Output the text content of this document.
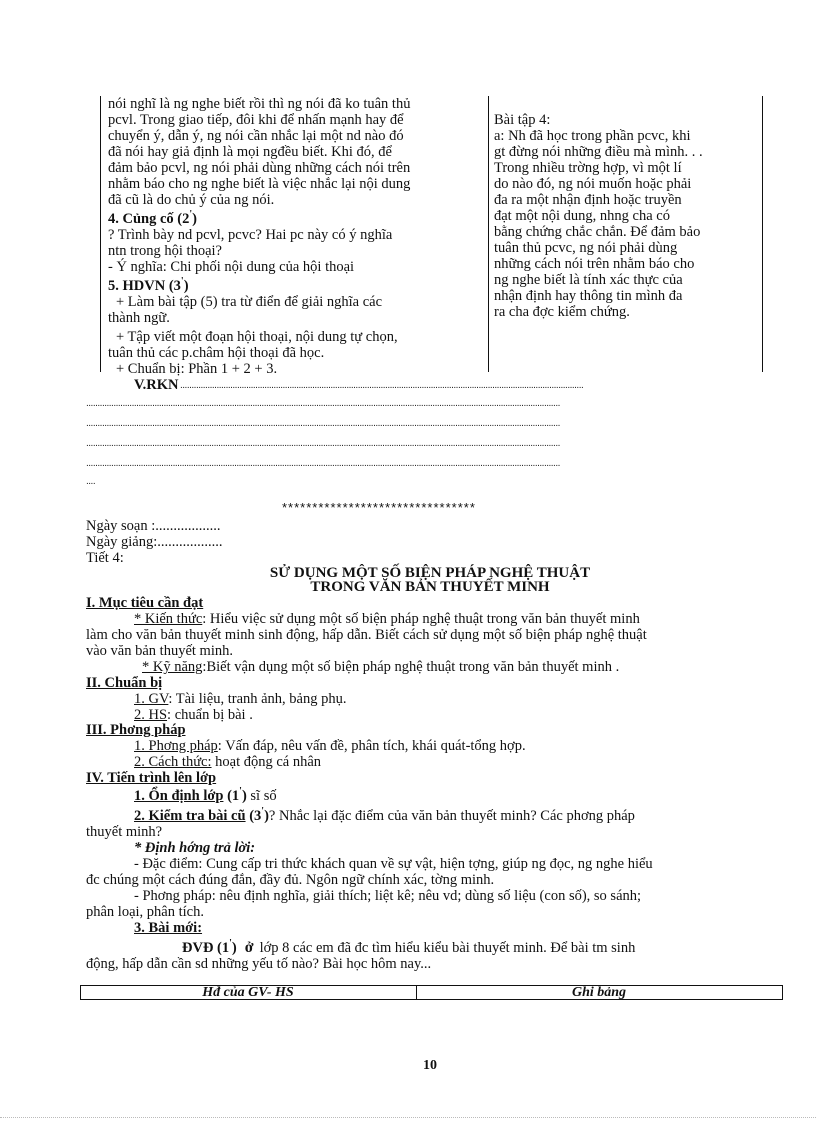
nói nghĩ là ng nghe biết rồi thì ng nói đã ko tuân thủ
pcvl. Trong giao tiếp, đôi khi để nhấn mạnh hay để
chuyển ý, dẫn ý, ng nói cần nhắc lại một nd nào đó
đã nói hay giả định là mọi ngđều biết. Khi đó, để
đảm bảo pcvl, ng nói phải dùng những cách nói trên
nhằm báo cho ng nghe biết là việc nhắc lại nội dung
đã cũ là do chủ ý của ng nói.
4. Củng cố (2')
? Trình bày nd pcvl, pcvc? Hai pc này có ý nghĩa
ntn trong hội thoại?
- Ý nghĩa: Chi phối nội dung của hội thoại
5. HDVN (3')
+ Làm bài tập (5) tra từ điển để giải nghĩa các
thành ngữ.
+ Tập viết một đoạn hội thoại, nội dung tự chọn,
tuân thủ các p.châm hội thoại đã học.
+ Chuẩn bị: Phần 1 + 2 + 3.
Bài tập 4:
a: Nh đã học trong phần pcvc, khi
gt đừng nói những điều mà mình. . .
Trong nhiều trờng hợp, vì một lí
do nào đó, ng nói muốn hoặc phải
đa ra một nhận định hoặc truyền
đạt một nội dung, nhng cha có
bằng chứng chắc chắn. Để đảm bảo
tuân thủ pcvc, ng nói phải dùng
những cách nói trên nhằm báo cho
ng nghe biết là tính xác thực của
nhận định hay thông tin mình đa
ra cha đợc kiểm chứng.
V.RKN .................................................................................................................................................................................
................................................................................................................................................................................................................
................................................................................................................................................................................................................
................................................................................................................................................................................................................
................................................................................................................................................................................................................
....
********************************
Ngày soạn :..................
Ngày giảng:..................
Tiết 4:
SỬ DỤNG MỘT SỐ BIỆN PHÁP NGHỆ THUẬT
TRONG VĂN BẢN THUYẾT MINH
I. Mục tiêu cần đạt
* Kiến thức: Hiểu việc sử dụng một số biện pháp nghệ thuật trong văn bản thuyết minh
làm cho văn bản thuyết minh sinh động, hấp dẫn. Biết cách sử dụng một số biện pháp nghệ thuật
vào văn bản thuyết minh.
* Kỹ năng:Biết vận dụng một số biện pháp nghệ thuật trong văn bản thuyết minh .
II. Chuẩn bị
1. GV: Tài liệu, tranh ảnh, bảng phụ.
2. HS: chuẩn bị bài .
III. Phơng pháp
1. Phơng pháp: Vấn đáp, nêu vấn đề, phân tích, khái quát-tổng hợp.
2. Cách thức: hoạt động cá nhân
IV. Tiến trình lên lớp
1. Ổn định lớp (1') sĩ số
2. Kiểm tra bài cũ (3')? Nhắc lại đặc điểm của văn bản thuyết minh? Các phơng pháp
thuyết minh?
* Định hớng trả lời:
- Đặc điểm: Cung cấp tri thức khách quan về sự vật, hiện tợng, giúp ng đọc, ng nghe hiểu
đc chúng một cách đúng đắn, đầy đủ. Ngôn ngữ chính xác, tờng minh.
- Phơng pháp: nêu định nghĩa, giải thích; liệt kê; nêu vd; dùng số liệu (con số), so sánh;
phân loại, phân tích.
3. Bài mới:
ĐVĐ (1') ở lớp 8 các em đã đc tìm hiểu kiểu bài thuyết minh. Để bài tm sinh
động, hấp dẫn cần sd những yếu tố nào? Bài học hôm nay...
Hđ của GV- HS	Ghi bảng
10
